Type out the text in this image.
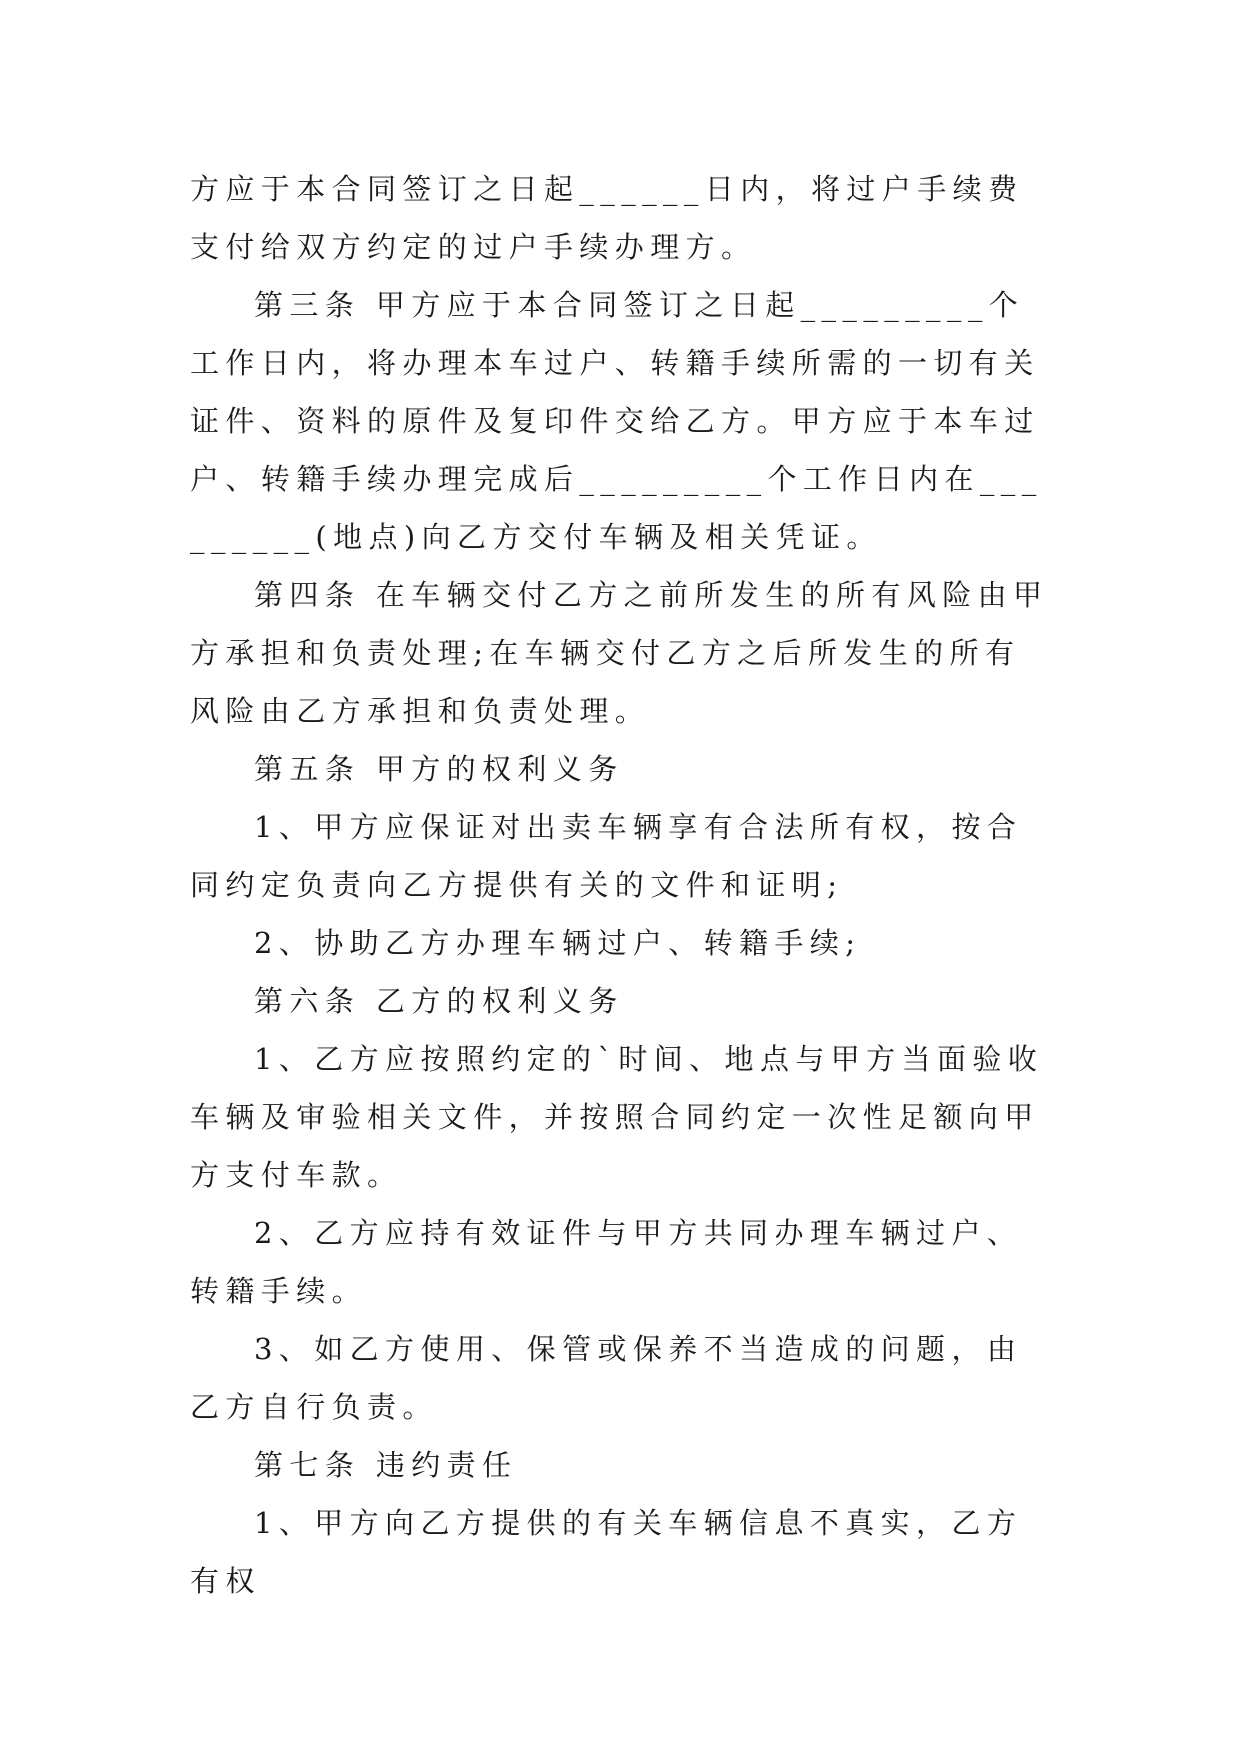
方应于本合同签订之日起______日内，将过户手续费支付给双方约定的过户手续办理方。

第三条 甲方应于本合同签订之日起_________个工作日内，将办理本车过户、转籍手续所需的一切有关证件、资料的原件及复印件交给乙方。甲方应于本车过户、转籍手续办理完成后_________个工作日内在_________(地点)向乙方交付车辆及相关凭证。

第四条 在车辆交付乙方之前所发生的所有风险由甲方承担和负责处理;在车辆交付乙方之后所发生的所有风险由乙方承担和负责处理。

第五条 甲方的权利义务

1、甲方应保证对出卖车辆享有合法所有权，按合同约定负责向乙方提供有关的文件和证明;

2、协助乙方办理车辆过户、转籍手续;

第六条 乙方的权利义务

1、乙方应按照约定的`时间、地点与甲方当面验收车辆及审验相关文件，并按照合同约定一次性足额向甲方支付车款。

2、乙方应持有效证件与甲方共同办理车辆过户、转籍手续。

3、如乙方使用、保管或保养不当造成的问题，由乙方自行负责。

第七条 违约责任

1、甲方向乙方提供的有关车辆信息不真实，乙方有权
